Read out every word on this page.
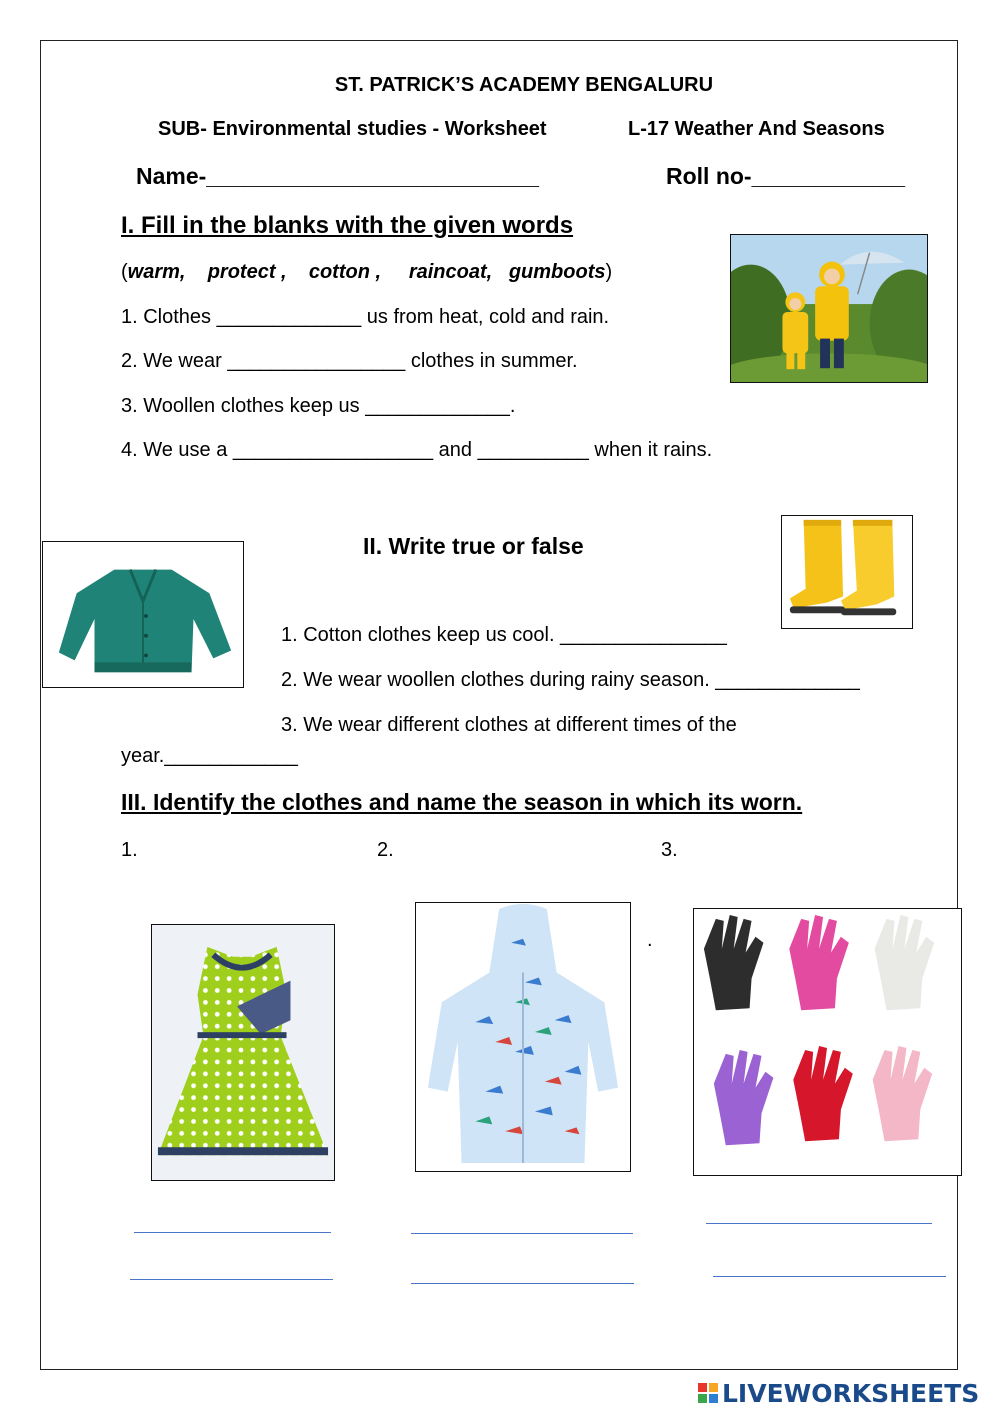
ST. PATRICK’S ACADEMY BENGALURU
SUB- Environmental studies - Worksheet	L-17 Weather And Seasons
Name-__________________________	Roll no-____________
I. Fill in the blanks with the given words
(warm,    protect ,    cotton ,     raincoat,   gumboots)
1. Clothes _____________ us from heat, cold and rain.
2. We wear ________________ clothes in summer.
3. Woollen clothes keep us _____________.
4. We use a __________________ and __________ when it rains.
II. Write true or false
1. Cotton clothes keep us cool. _______________
2. We wear woollen clothes during rainy season. _____________
3. We wear different clothes at different times of the
year.____________
III. Identify the clothes and name the season in which its worn.
1.	2.	3.
.
LIVEWORKSHEETS
